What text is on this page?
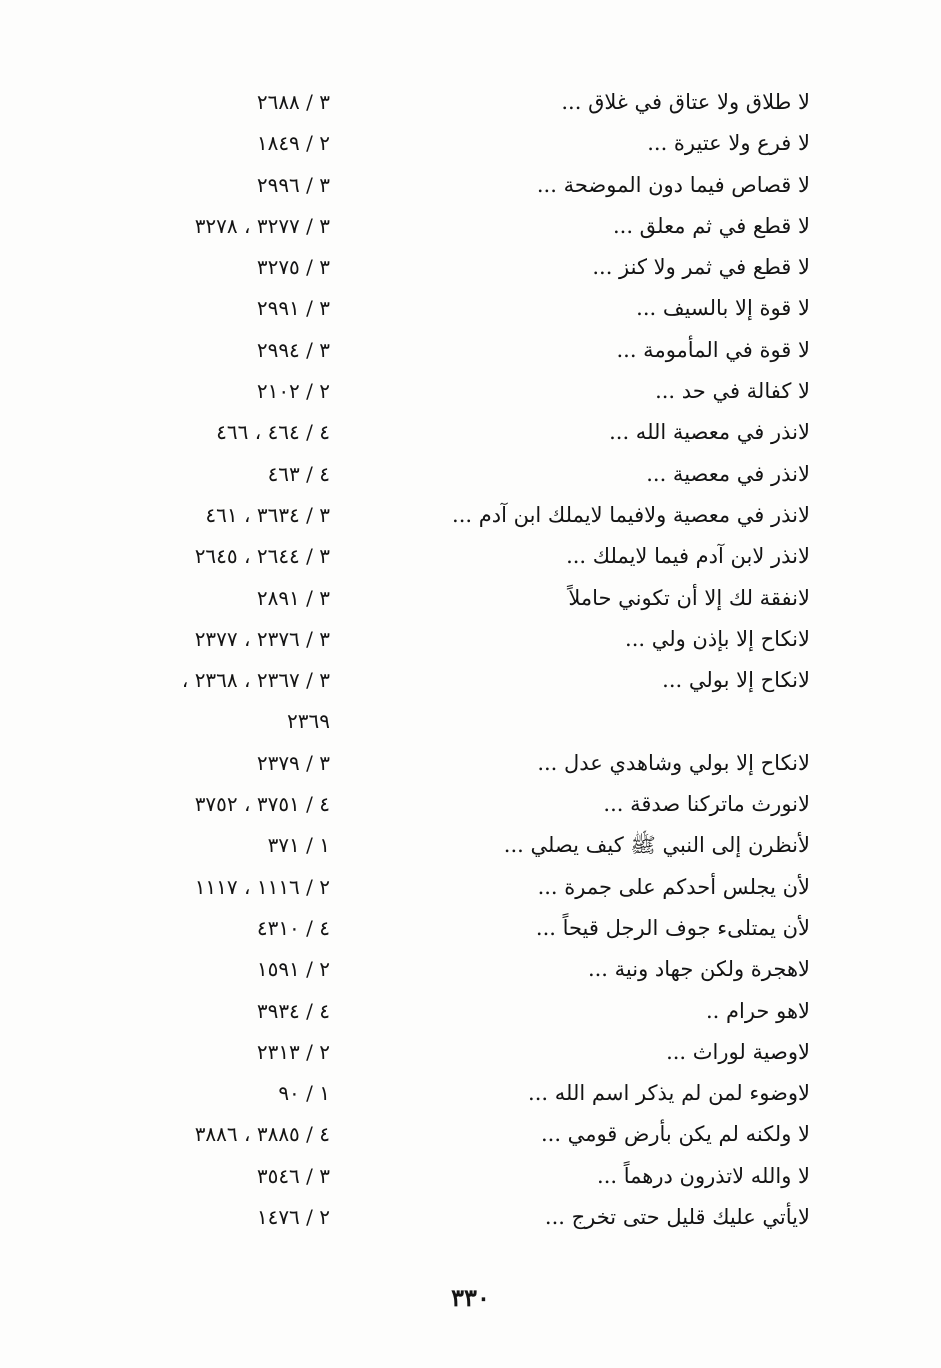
لا طلاق ولا عتاق في غلاق ...
٣ / ٢٦٨٨
لا فرع ولا عتيرة ...
٢ / ١٨٤٩
لا قصاص فيما دون الموضحة ...
٣ / ٢٩٩٦
لا قطع في ثم معلق ...
٣ / ٣٢٧٧ ، ٣٢٧٨
لا قطع في ثمر ولا كنز ...
٣ / ٣٢٧٥
لا قوة إلا بالسيف ...
٣ / ٢٩٩١
لا قوة في المأمومة ...
٣ / ٢٩٩٤
لا كفالة في حد ...
٢ / ٢١٠٢
لانذر في معصية الله ...
٤ / ٤٦٤ ، ٤٦٦
لانذر في معصية ...
٤ / ٤٦٣
لانذر في معصية ولافيما لايملك ابن آدم ...
٣ / ٣٦٣٤ ، ٤٦١
لانذر لابن آدم فيما لايملك ...
٣ / ٢٦٤٤ ، ٢٦٤٥
لانفقة لك إلا أن تكوني حاملاً
٣ / ٢٨٩١
لانكاح إلا بإذن ولي ...
٣ / ٢٣٧٦ ، ٢٣٧٧
لانكاح إلا بولي ...
٣ / ٢٣٦٧ ، ٢٣٦٨ ،
٢٣٦٩
لانكاح إلا بولي وشاهدي عدل ...
٣ / ٢٣٧٩
لانورث ماتركنا صدقة ...
٤ / ٣٧٥١ ، ٣٧٥٢
لأنظرن إلى النبي ﷺ كيف يصلي ...
١ / ٣٧١
لأن يجلس أحدكم على جمرة ...
٢ / ١١١٦ ، ١١١٧
لأن يمتلىء جوف الرجل قيحاً ...
٤ / ٤٣١٠
لاهجرة ولكن جهاد ونية ...
٢ / ١٥٩١
لاهو حرام ..
٤ / ٣٩٣٤
لاوصية لوراث ...
٢ / ٢٣١٣
لاوضوء لمن لم يذكر اسم الله ...
١ / ٩٠
لا ولكنه لم يكن بأرض قومي ...
٤ / ٣٨٨٥ ، ٣٨٨٦
لا والله لاتذرون درهماً ...
٣ / ٣٥٤٦
لايأتي عليك قليل حتى تخرج ...
٢ / ١٤٧٦
٣٣٠
